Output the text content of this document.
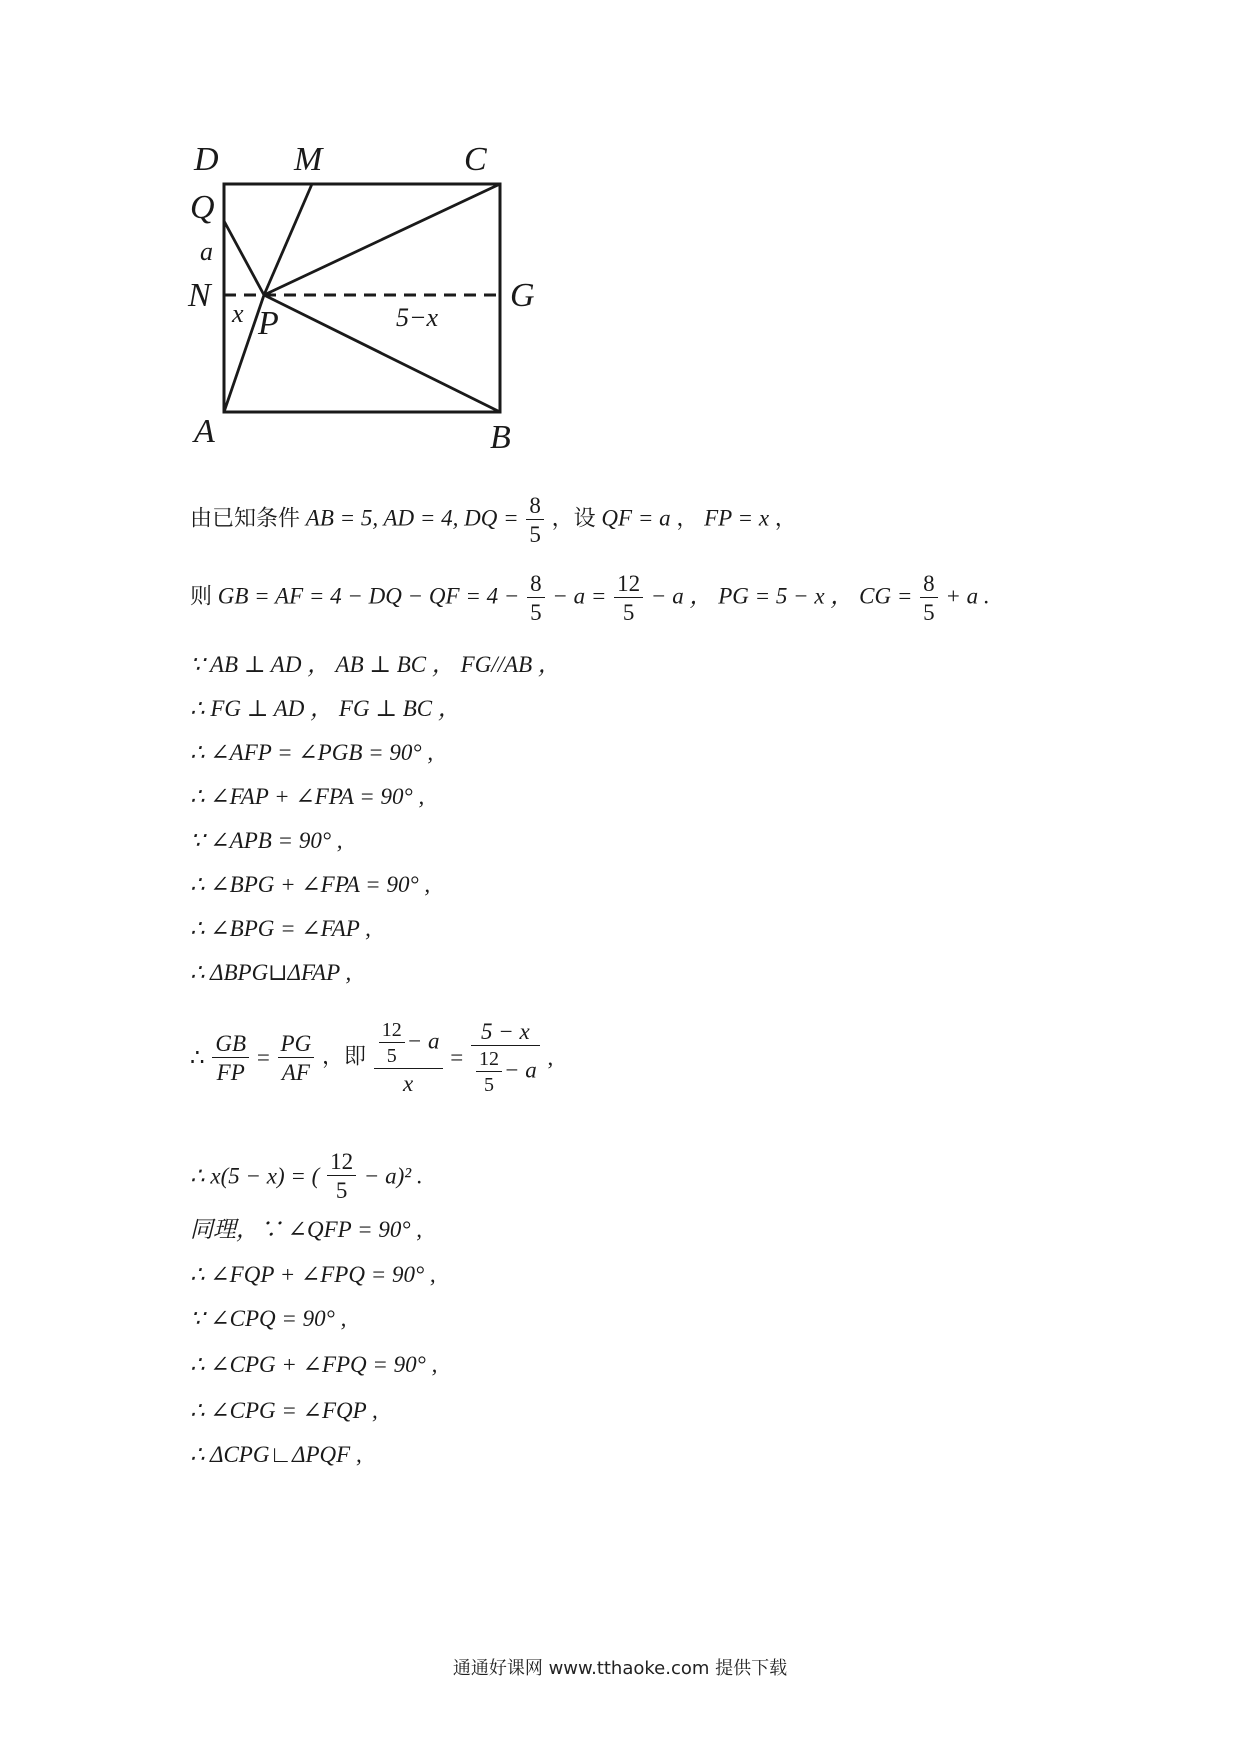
D M	C
Q
a
N	G
x P	5−x
A	B
由已知条件 AB = 5, AD = 4, DQ = $\frac{8}{5}$ ，设 QF = a ， FP = x ，
则 GB = AF = 4 − DQ − QF = $4 - \frac{8}{5} - a = \frac{12}{5} - a$ ， PG = 5 − x ， CG = $\frac{8}{5} + a$ .
∵ AB ⊥ AD ， AB ⊥ BC ， FG//AB ，
∴ FG ⊥ AD ， FG ⊥ BC ，
∴ ∠AFP = ∠PGB = 90° ,
∴ ∠FAP + ∠FPA = 90° ,
∵ ∠APB = 90° ,
∴ ∠BPG + ∠FPA = 90° ,
∴ ∠BPG = ∠FAP ,
∴ ΔBPG⊔ΔFAP ,
∴ $\frac{GB}{FP} = \frac{PG}{AF}$ ，即 $\frac{\frac{12}{5} - a}{x} = \frac{5 - x}{\frac{12}{5} - a}$ ,
∴ x(5 − x) = ( $\frac{12}{5} - a)^2$ .
同理，∵ ∠QFP = 90° ,
∴ ∠FQP + ∠FPQ = 90° ,
∵ ∠CPQ = 90° ,
∴ ∠CPG + ∠FPQ = 90° ,
∴ ∠CPG = ∠FQP ,
∴ ΔCPG∟ΔPQF ,
通通好课网 www.tthaoke.com 提供下载
